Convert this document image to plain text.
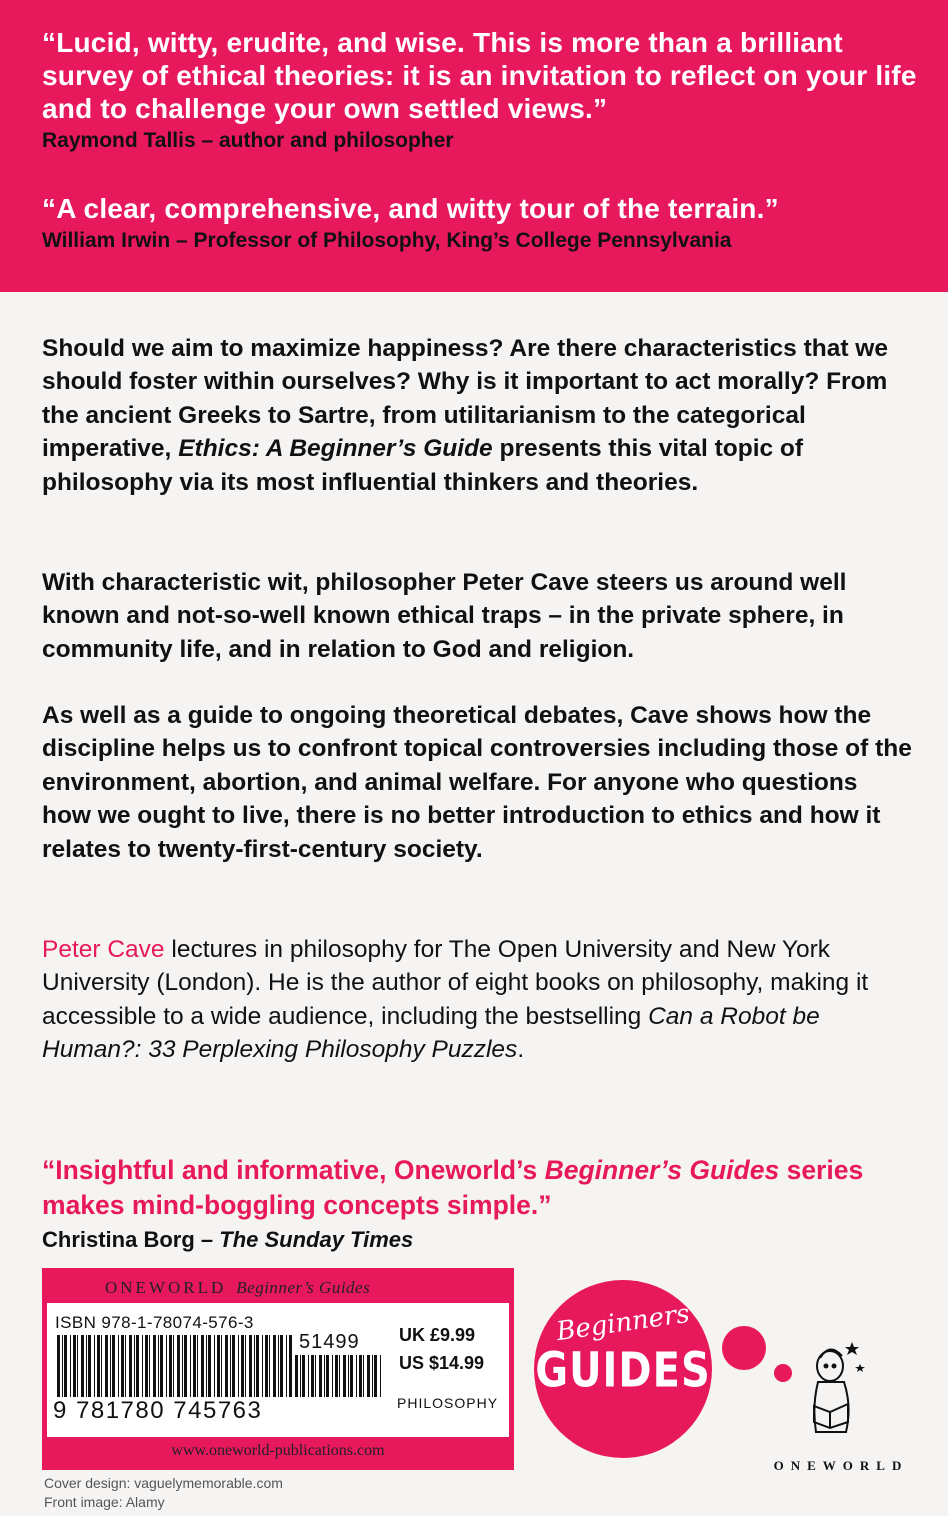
“Lucid, witty, erudite, and wise. This is more than a brilliant survey of ethical theories: it is an invitation to reflect on your life and to challenge your own settled views.”

Raymond Tallis – author and philosopher

“A clear, comprehensive, and witty tour of the terrain.”

William Irwin – Professor of Philosophy, King’s College Pennsylvania

Should we aim to maximize happiness? Are there characteristics that we should foster within ourselves? Why is it important to act morally? From the ancient Greeks to Sartre, from utilitarianism to the categorical imperative, Ethics: A Beginner’s Guide presents this vital topic of philosophy via its most influential thinkers and theories.

With characteristic wit, philosopher Peter Cave steers us around well known and not-so-well known ethical traps – in the private sphere, in community life, and in relation to God and religion.

As well as a guide to ongoing theoretical debates, Cave shows how the discipline helps us to confront topical controversies including those of the environment, abortion, and animal welfare. For anyone who questions how we ought to live, there is no better introduction to ethics and how it relates to twenty-first-century society.

Peter Cave lectures in philosophy for The Open University and New York University (London). He is the author of eight books on philosophy, making it accessible to a wide audience, including the bestselling Can a Robot be Human?: 33 Perplexing Philosophy Puzzles.

“Insightful and informative, Oneworld’s Beginner’s Guides series makes mind-boggling concepts simple.”

Christina Borg – The Sunday Times

ONEWORLD Beginner’s Guides
ISBN 978-1-78074-576-3
51499
9 781780 745763
UK £9.99
US $14.99
PHILOSOPHY
www.oneworld-publications.com
Cover design: vaguelymemorable.com
Front image: Alamy
Beginners
GUIDES
ONEWORLD
